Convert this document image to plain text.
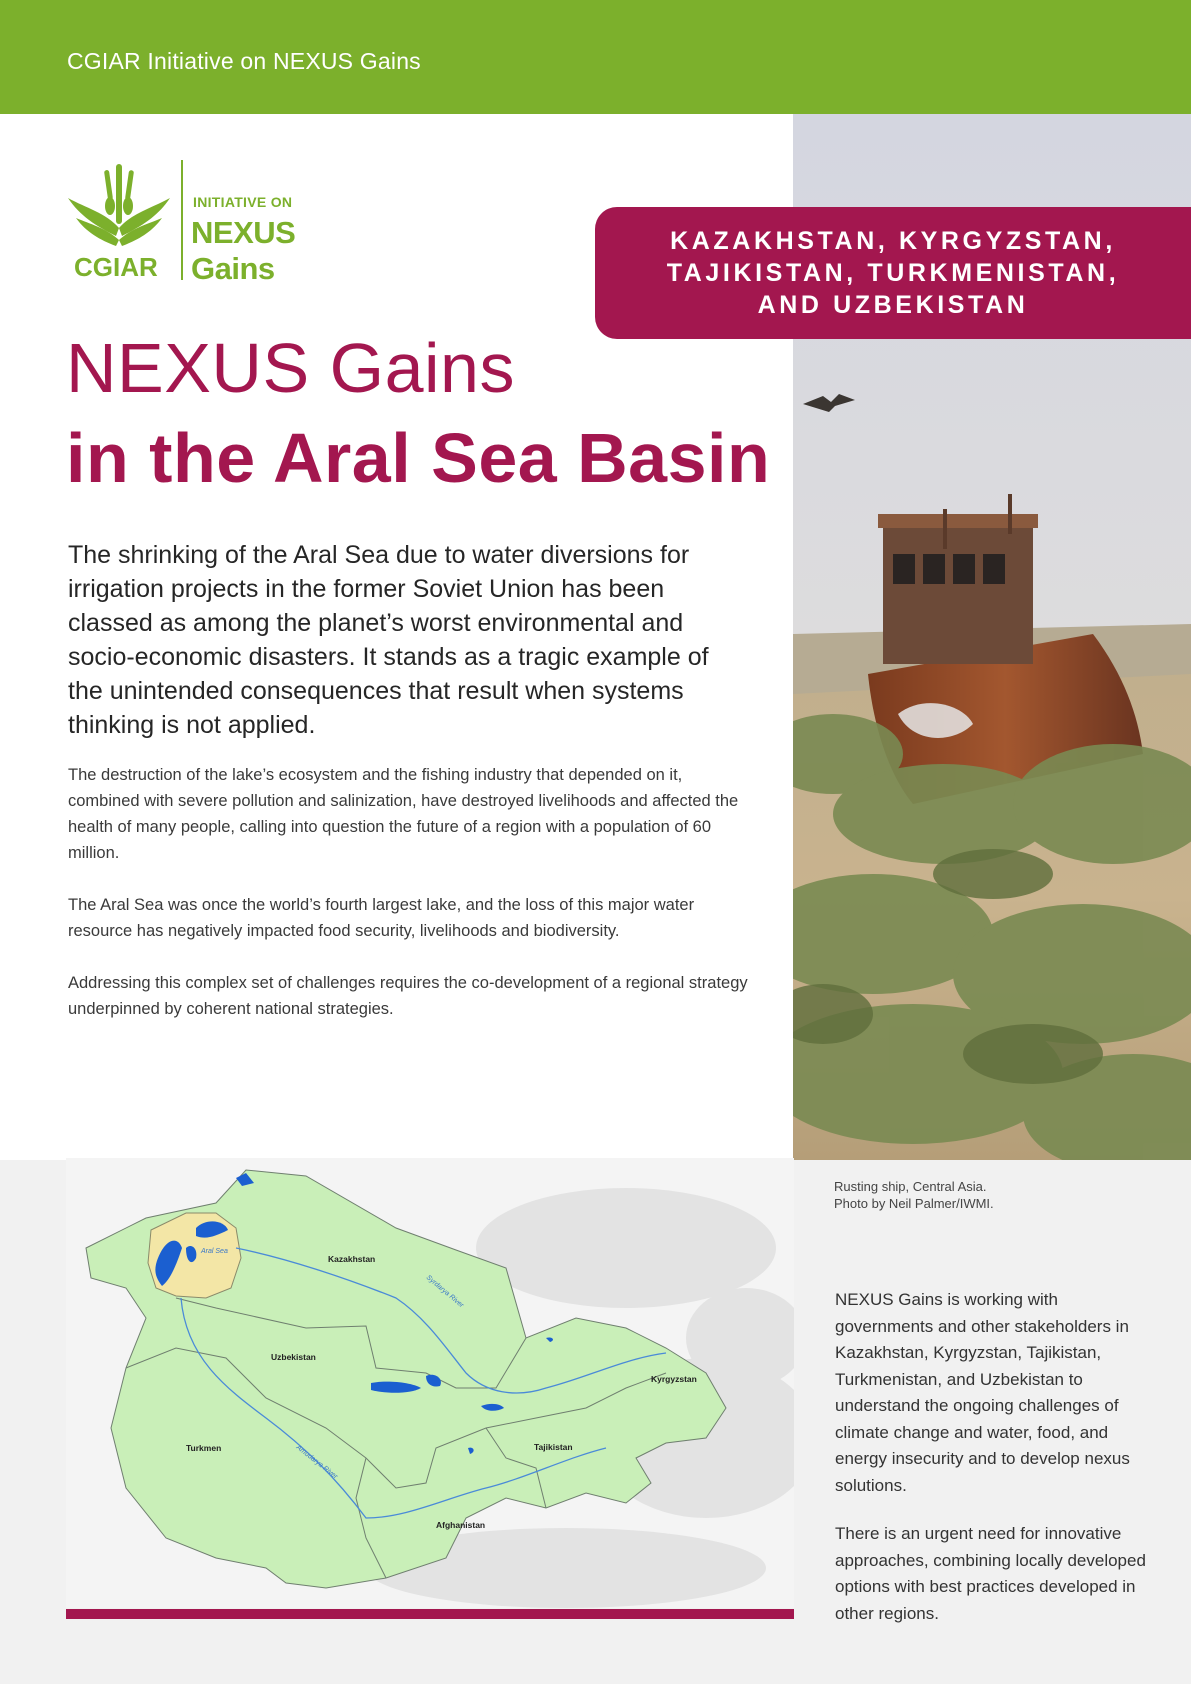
CGIAR Initiative on NEXUS Gains
CGIAR
INITIATIVE ON
NEXUS Gains
KAZAKHSTAN, KYRGYZSTAN,
TAJIKISTAN, TURKMENISTAN,
AND UZBEKISTAN
NEXUS Gains
in the Aral Sea Basin
The shrinking of the Aral Sea due to water diversions for irrigation projects in the former Soviet Union has been classed as among the planet’s worst environmental and socio-economic disasters. It stands as a tragic example of the unintended consequences that result when systems thinking is not applied.
The destruction of the lake’s ecosystem and the fishing industry that depended on it, combined with severe pollution and salinization, have destroyed livelihoods and affected the health of many people, calling into question the future of a region with a population of 60 million.
The Aral Sea was once the world’s fourth largest lake, and the loss of this major water resource has negatively impacted food security, livelihoods and biodiversity.
Addressing this complex set of challenges requires the co-development of a regional strategy underpinned by coherent national strategies.
Kazakhstan
Uzbekistan
Kyrgyzstan
Turkmen	Tajikistan
Afghanistan
Aral Sea
Syrdarya River
Amudarya River
Rusting ship, Central Asia.
Photo by Neil Palmer/IWMI.
NEXUS Gains is working with governments and other stakeholders in Kazakhstan, Kyrgyzstan, Tajikistan, Turkmenistan, and Uzbekistan to understand the ongoing challenges of climate change and water, food, and energy insecurity and to develop nexus solutions.
There is an urgent need for innovative approaches, combining locally developed options with best practices developed in other regions.
